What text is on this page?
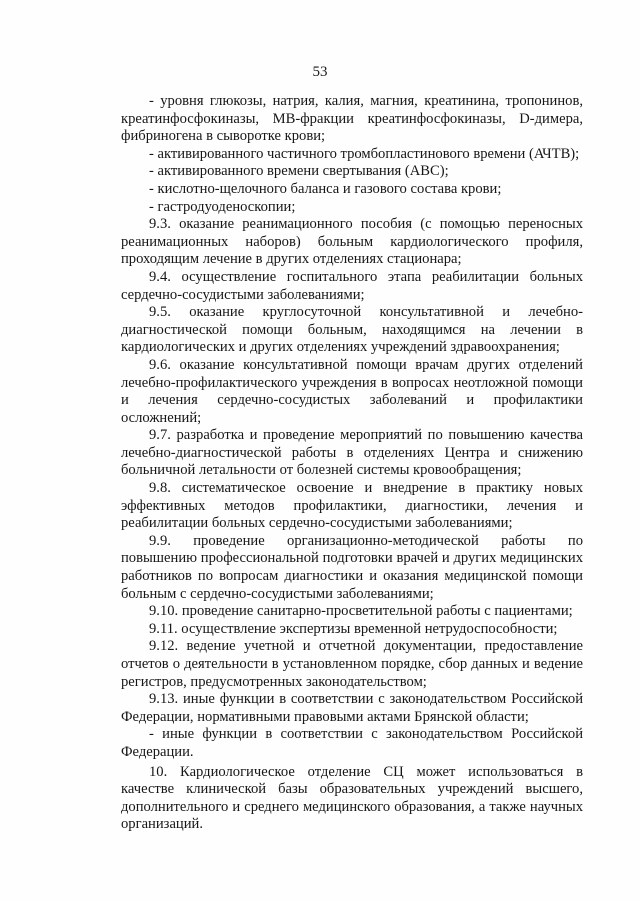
53

- уровня глюкозы, натрия, калия, магния, креатинина, тропонинов, креатинфосфокиназы, МВ-фракции креатинфосфокиназы, D-димера, фибриногена в сыворотке крови;

- активированного частичного тромбопластинового времени (АЧТВ);

- активированного времени свертывания (АВС);

- кислотно-щелочного баланса и газового состава крови;

- гастродуоденоскопии;

9.3. оказание реанимационного пособия (с помощью переносных реанимационных наборов) больным кардиологического профиля, проходящим лечение в других отделениях стационара;

9.4. осуществление госпитального этапа реабилитации больных сердечно-сосудистыми заболеваниями;

9.5. оказание круглосуточной консультативной и лечебно-диагностической помощи больным, находящимся на лечении в кардиологических и других отделениях учреждений здравоохранения;

9.6. оказание консультативной помощи врачам других отделений лечебно-профилактического учреждения в вопросах неотложной помощи и лечения сердечно-сосудистых заболеваний и профилактики осложнений;

9.7. разработка и проведение мероприятий по повышению качества лечебно-диагностической работы в отделениях Центра и снижению больничной летальности от болезней системы кровообращения;

9.8. систематическое освоение и внедрение в практику новых эффективных методов профилактики, диагностики, лечения и реабилитации больных сердечно-сосудистыми заболеваниями;

9.9. проведение организационно-методической работы по повышению профессиональной подготовки врачей и других медицинских работников по вопросам диагностики и оказания медицинской помощи больным с сердечно-сосудистыми заболеваниями;

9.10. проведение санитарно-просветительной работы с пациентами;

9.11. осуществление экспертизы временной нетрудоспособности;

9.12. ведение учетной и отчетной документации, предоставление отчетов о деятельности в установленном порядке, сбор данных и ведение регистров, предусмотренных законодательством;

9.13. иные функции в соответствии с законодательством Российской Федерации, нормативными правовыми актами Брянской области;

- иные функции в соответствии с законодательством Российской Федерации.

10. Кардиологическое отделение СЦ может использоваться в качестве клинической базы образовательных учреждений высшего, дополнительного и среднего медицинского образования, а также научных организаций.
